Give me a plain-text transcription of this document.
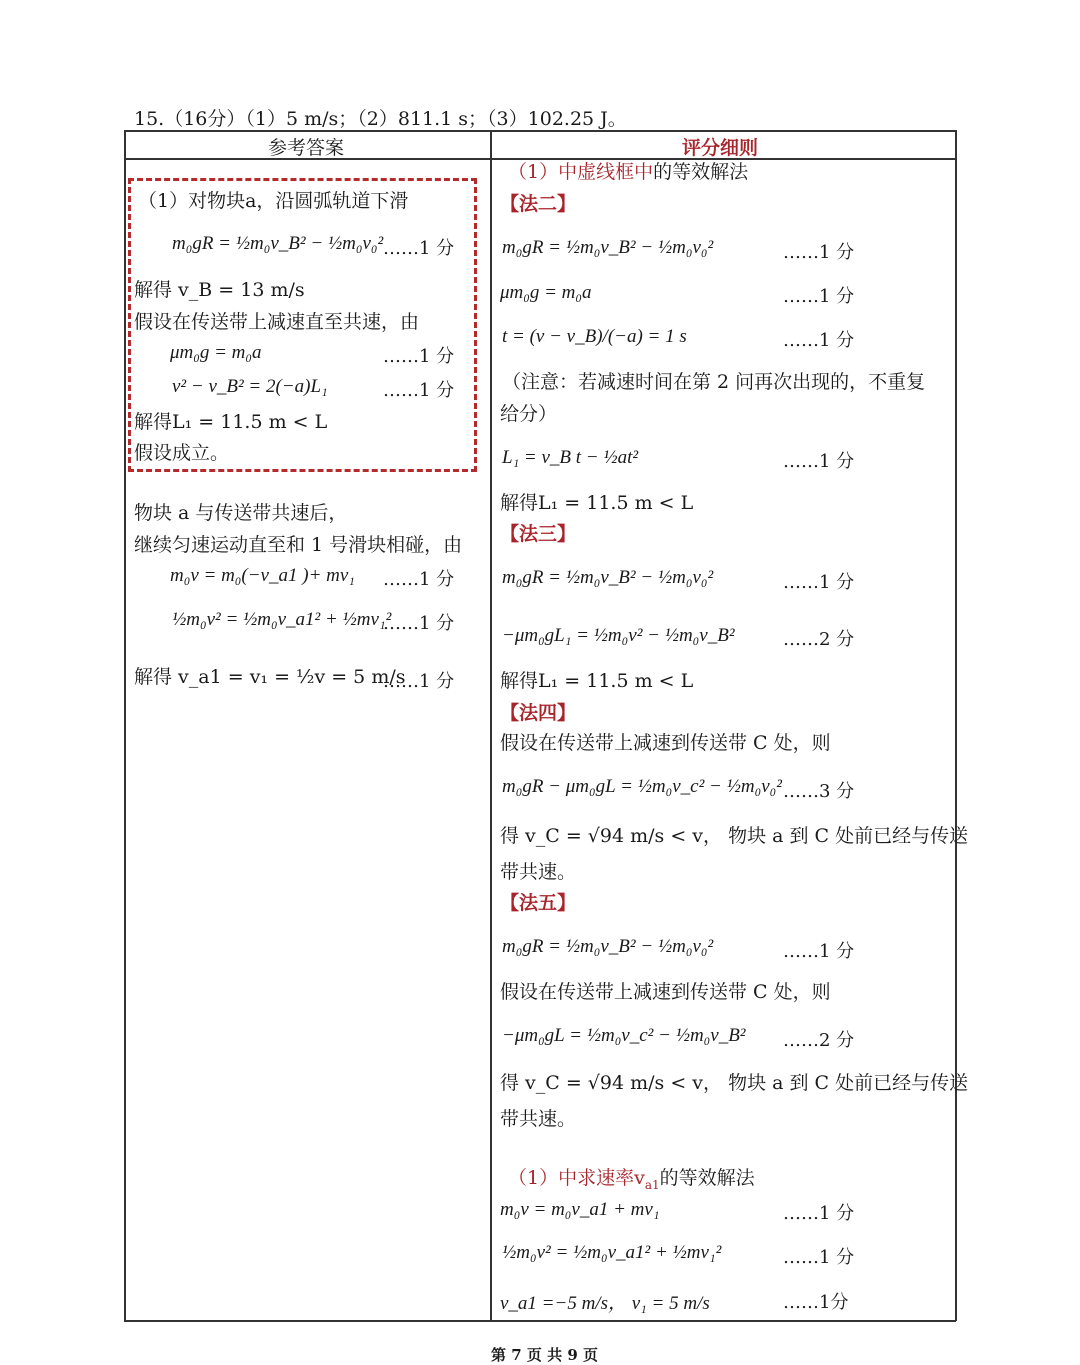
15.（16分）（1）5 m/s；（2）811.1 s；（3）102.25 J。
参考答案	评分细则
（1）对物块a，沿圆弧轨道下滑
m₀gR = ½m₀v_B² − ½m₀v₀² ……1 分
解得 v_B = 13 m/s
假设在传送带上减速直至共速，由
μm₀g = m₀a	……1 分
v² − v_B² = 2(−a)L₁	……1 分
解得L₁ = 11.5 m < L
假设成立。
物块 a 与传送带共速后，
继续匀速运动直至和 1 号滑块相碰，由
m₀v = m₀(−v_a1 )+ mv₁ ……1 分
½m₀v² = ½m₀v_a1² + ½mv₁²
……1 分
解得 v_a1 = v₁ = ½v = 5 m/s
……1 分
（1）中虚线框中的等效解法
【法二】
m₀gR = ½m₀v_B² − ½m₀v₀²	……1 分
μm₀g = m₀a	……1 分
t = (v − v_B)/(−a) = 1 s	……1 分
（注意：若减速时间在第 2 问再次出现的，不重复
给分）
L₁ = v_B t − ½at²	……1 分
解得L₁ = 11.5 m < L
【法三】
m₀gR = ½m₀v_B² − ½m₀v₀²	……1 分
−μm₀gL₁ = ½m₀v² − ½m₀v_B²	……2 分
解得L₁ = 11.5 m < L
【法四】
假设在传送带上减速到传送带 C 处，则
m₀gR − μm₀gL = ½m₀v_c² − ½m₀v₀² ……3 分
得 v_C = √94 m/s < v， 物块 a 到 C 处前已经与传送
带共速。
【法五】
m₀gR = ½m₀v_B² − ½m₀v₀²	……1 分
假设在传送带上减速到传送带 C 处，则
−μm₀gL = ½m₀v_c² − ½m₀v_B² ……2 分
得 v_C = √94 m/s < v， 物块 a 到 C 处前已经与传送
带共速。
（1）中求速率$v_{a1}$的等效解法
m₀v = m₀v_a1 + mv₁	……1 分
½m₀v² = ½m₀v_a1² + ½mv₁²	……1 分
v_a1 =−5 m/s， v₁ = 5 m/s	……1分
第 7 页 共 9 页
